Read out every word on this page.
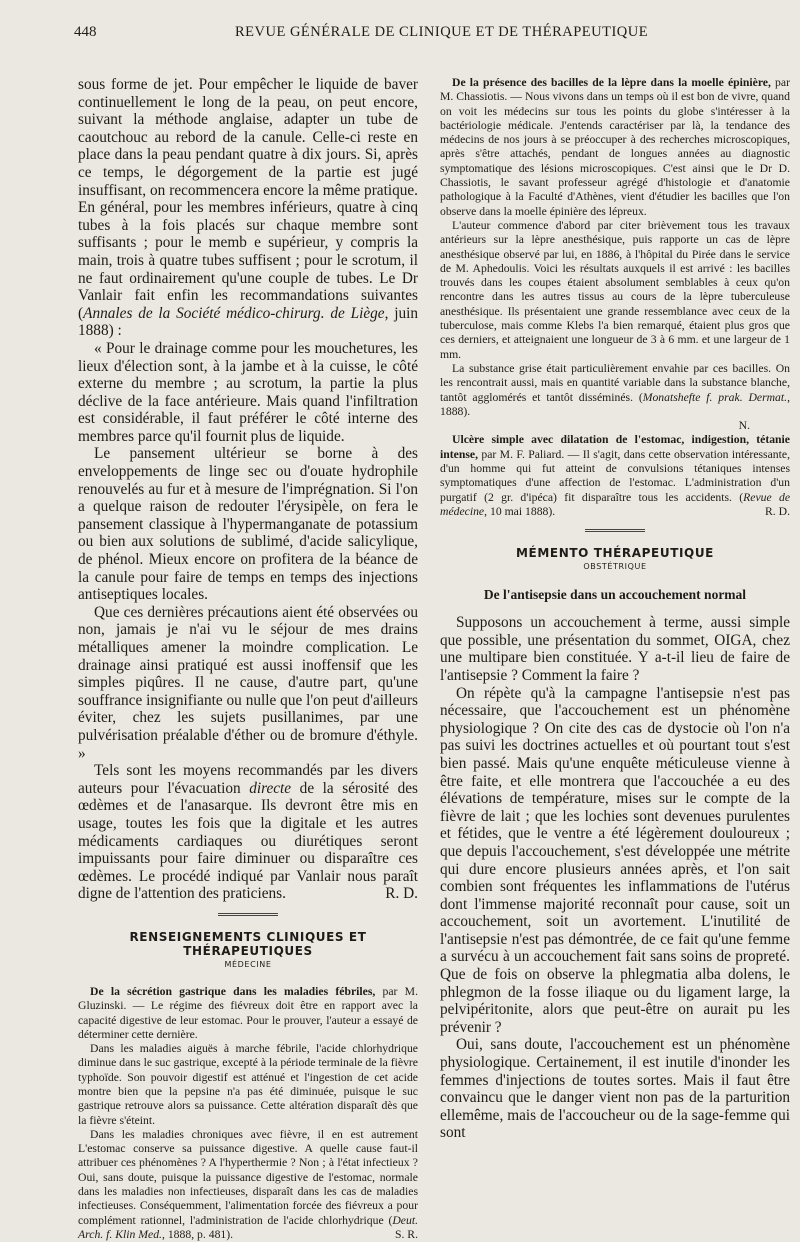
448	REVUE GÉNÉRALE DE CLINIQUE ET DE THÉRAPEUTIQUE

sous forme de jet. Pour empêcher le liquide de baver continuellement le long de la peau, on peut encore, suivant la méthode anglaise, adapter un tube de caoutchouc au rebord de la canule. Celle-ci reste en place dans la peau pendant quatre à dix jours. Si, après ce temps, le dégorgement de la partie est jugé insuffisant, on recommencera encore la même pratique. En général, pour les membres inférieurs, quatre à cinq tubes à la fois placés sur chaque membre sont suffisants ; pour le memb e supérieur, y compris la main, trois à quatre tubes suffisent ; pour le scrotum, il ne faut ordinairement qu'une couple de tubes. Le Dr Vanlair fait enfin les recommandations suivantes (Annales de la Société médico-chirurg. de Liège, juin 1888) :

« Pour le drainage comme pour les mouchetures, les lieux d'élection sont, à la jambe et à la cuisse, le côté externe du membre ; au scrotum, la partie la plus déclive de la face antérieure. Mais quand l'infiltration est considérable, il faut préférer le côté interne des membres parce qu'il fournit plus de liquide.

Le pansement ultérieur se borne à des enveloppements de linge sec ou d'ouate hydrophile renouvelés au fur et à mesure de l'imprégnation. Si l'on a quelque raison de redouter l'érysipèle, on fera le pansement classique à l'hypermanganate de potassium ou bien aux solutions de sublimé, d'acide salicylique, de phénol. Mieux encore on profitera de la béance de la canule pour faire de temps en temps des injections antiseptiques locales.

Que ces dernières précautions aient été observées ou non, jamais je n'ai vu le séjour de mes drains métalliques amener la moindre complication. Le drainage ainsi pratiqué est aussi inoffensif que les simples piqûres. Il ne cause, d'autre part, qu'une souffrance insignifiante ou nulle que l'on peut d'ailleurs éviter, chez les sujets pusillanimes, par une pulvérisation préalable d'éther ou de bromure d'éthyle. »

Tels sont les moyens recommandés par les divers auteurs pour l'évacuation directe de la sérosité des œdèmes et de l'anasarque. Ils devront être mis en usage, toutes les fois que la digitale et les autres médicaments cardiaques ou diurétiques seront impuissants pour faire diminuer ou disparaître ces œdèmes. Le procédé indiqué par Vanlair nous paraît digne de l'attention des praticiens.	R. D.

RENSEIGNEMENTS CLINIQUES ET THÉRAPEUTIQUES
MÉDECINE

De la sécrétion gastrique dans les maladies fébriles, par M. Gluzinski. — Le régime des fiévreux doit être en rapport avec la capacité digestive de leur estomac. Pour le prouver, l'auteur a essayé de déterminer cette dernière.

Dans les maladies aiguës à marche fébrile, l'acide chlorhydrique diminue dans le suc gastrique, excepté à la période terminale de la fièvre typhoïde. Son pouvoir digestif est atténué et l'ingestion de cet acide montre bien que la pepsine n'a pas été diminuée, puisque le suc gastrique retrouve alors sa puissance. Cette altération disparaît dès que la fièvre s'éteint.

Dans les maladies chroniques avec fièvre, il en est autrement L'estomac conserve sa puissance digestive. A quelle cause faut-il attribuer ces phénomènes ? A l'hyperthermie ? Non ; à l'état infectieux ? Oui, sans doute, puisque la puissance digestive de l'estomac, normale dans les maladies non infectieuses, disparaît dans les cas de maladies infectieuses. Conséquemment, l'alimentation forcée des fiévreux a pour complément rationnel, l'administration de l'acide chlorhydrique (Deut. Arch. f. Klin Med., 1888, p. 481).	S. R.

De la présence des bacilles de la lèpre dans la moelle épinière, par M. Chassiotis. — Nous vivons dans un temps où il est bon de vivre, quand on voit les médecins sur tous les points du globe s'intéresser à la bactériologie médicale. J'entends caractériser par là, la tendance des médecins de nos jours à se préoccuper à des recherches microscopiques, après s'être attachés, pendant de longues années au diagnostic symptomatique des lésions microscopiques. C'est ainsi que le Dr D. Chassiotis, le savant professeur agrégé d'histologie et d'anatomie pathologique à la Faculté d'Athènes, vient d'étudier les bacilles que l'on observe dans la moelle épinière des lépreux.

L'auteur commence d'abord par citer brièvement tous les travaux antérieurs sur la lèpre anesthésique, puis rapporte un cas de lèpre anesthésique observé par lui, en 1886, à l'hôpital du Pirée dans le service de M. Aphedoulis. Voici les résultats auxquels il est arrivé : les bacilles trouvés dans les coupes étaient absolument semblables à ceux qu'on rencontre dans les autres tissus au cours de la lèpre tuberculeuse anesthésique. Ils présentaient une grande ressemblance avec ceux de la tuberculose, mais comme Klebs l'a bien remarqué, étaient plus gros que ces derniers, et atteignaient une longueur de 3 à 6 mm. et une largeur de 1 mm.

La substance grise était particulièrement envahie par ces bacilles. On les rencontrait aussi, mais en quantité variable dans la substance blanche, tantôt agglomérés et tantôt disséminés. (Monatshefte f. prak. Dermat., 1888).
N.

Ulcère simple avec dilatation de l'estomac, indigestion, tétanie intense, par M. F. Paliard. — Il s'agit, dans cette observation intéressante, d'un homme qui fut atteint de convulsions tétaniques intenses symptomatiques d'une affection de l'estomac. L'administration d'un purgatif (2 gr. d'ipéca) fit disparaître tous les accidents. (Revue de médecine, 10 mai 1888).	R. D.

MÉMENTO THÉRAPEUTIQUE
OBSTÉTRIQUE
De l'antisepsie dans un accouchement normal

Supposons un accouchement à terme, aussi simple que possible, une présentation du sommet, OIGA, chez une multipare bien constituée. Y a-t-il lieu de faire de l'antisepsie ? Comment la faire ?

On répète qu'à la campagne l'antisepsie n'est pas nécessaire, que l'accouchement est un phénomène physiologique ? On cite des cas de dystocie où l'on n'a pas suivi les doctrines actuelles et où pourtant tout s'est bien passé. Mais qu'une enquête méticuleuse vienne à être faite, et elle montrera que l'accouchée a eu des élévations de température, mises sur le compte de la fièvre de lait ; que les lochies sont devenues purulentes et fétides, que le ventre a été légèrement douloureux ; que depuis l'accouchement, s'est développée une métrite qui dure encore plusieurs années après, et l'on sait combien sont fréquentes les inflammations de l'utérus dont l'immense majorité reconnaît pour cause, soit un accouchement, soit un avortement. L'inutilité de l'antisepsie n'est pas démontrée, de ce fait qu'une femme a survécu à un accouchement fait sans soins de propreté. Que de fois on observe la phlegmatia alba dolens, le phlegmon de la fosse iliaque ou du ligament large, la pelvipéritonite, alors que peut-être on aurait pu les prévenir ?

Oui, sans doute, l'accouchement est un phénomène physiologique. Certainement, il est inutile d'inonder les femmes d'injections de toutes sortes. Mais il faut être convaincu que le danger vient non pas de la parturition ellemême, mais de l'accoucheur ou de la sage-femme qui sont
